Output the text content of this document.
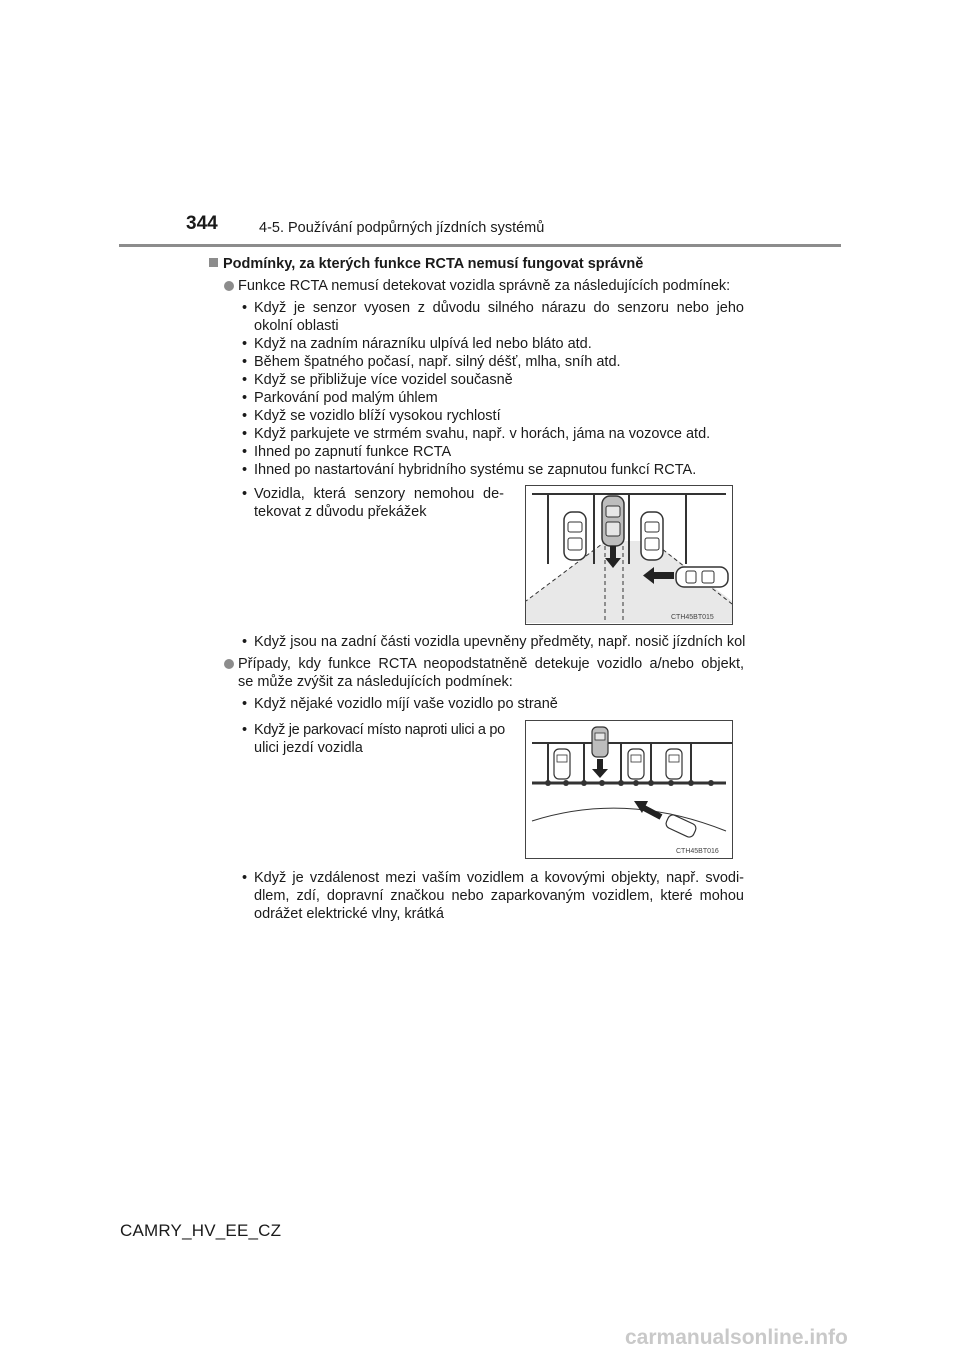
344	4-5. Používání podpůrných jízdních systémů
Podmínky, za kterých funkce RCTA nemusí fungovat správně
Funkce RCTA nemusí detekovat vozidla správně za následujících podmínek:
• Když je senzor vyosen z důvodu silného nárazu do senzoru nebo jeho
okolní oblasti
• Když na zadním nárazníku ulpívá led nebo bláto atd.
• Během špatného počasí, např. silný déšť, mlha, sníh atd.
• Když se přibližuje více vozidel současně
• Parkování pod malým úhlem
• Když se vozidlo blíží vysokou rychlostí
• Když parkujete ve strmém svahu, např. v horách, jáma na vozovce atd.
• Ihned po zapnutí funkce RCTA
• Ihned po nastartování hybridního systému se zapnutou funkcí RCTA.
• Vozidla, která senzory nemohou de-
tekovat z důvodu překážek
CTH45BT015
• Když jsou na zadní části vozidla upevněny předměty, např. nosič jízdních kol
Případy, kdy funkce RCTA neopodstatněně detekuje vozidlo a/nebo objekt,
se může zvýšit za následujících podmínek:
• Když nějaké vozidlo míjí vaše vozidlo po straně
• Když je parkovací místo naproti ulici a po
ulici jezdí vozidla
CTH45BT016
• Když je vzdálenost mezi vaším vozidlem a kovovými objekty, např. svodi-
dlem, zdí, dopravní značkou nebo zaparkovaným vozidlem, které mohou
odrážet elektrické vlny, krátká
CAMRY_HV_EE_CZ
carmanualsonline.info
